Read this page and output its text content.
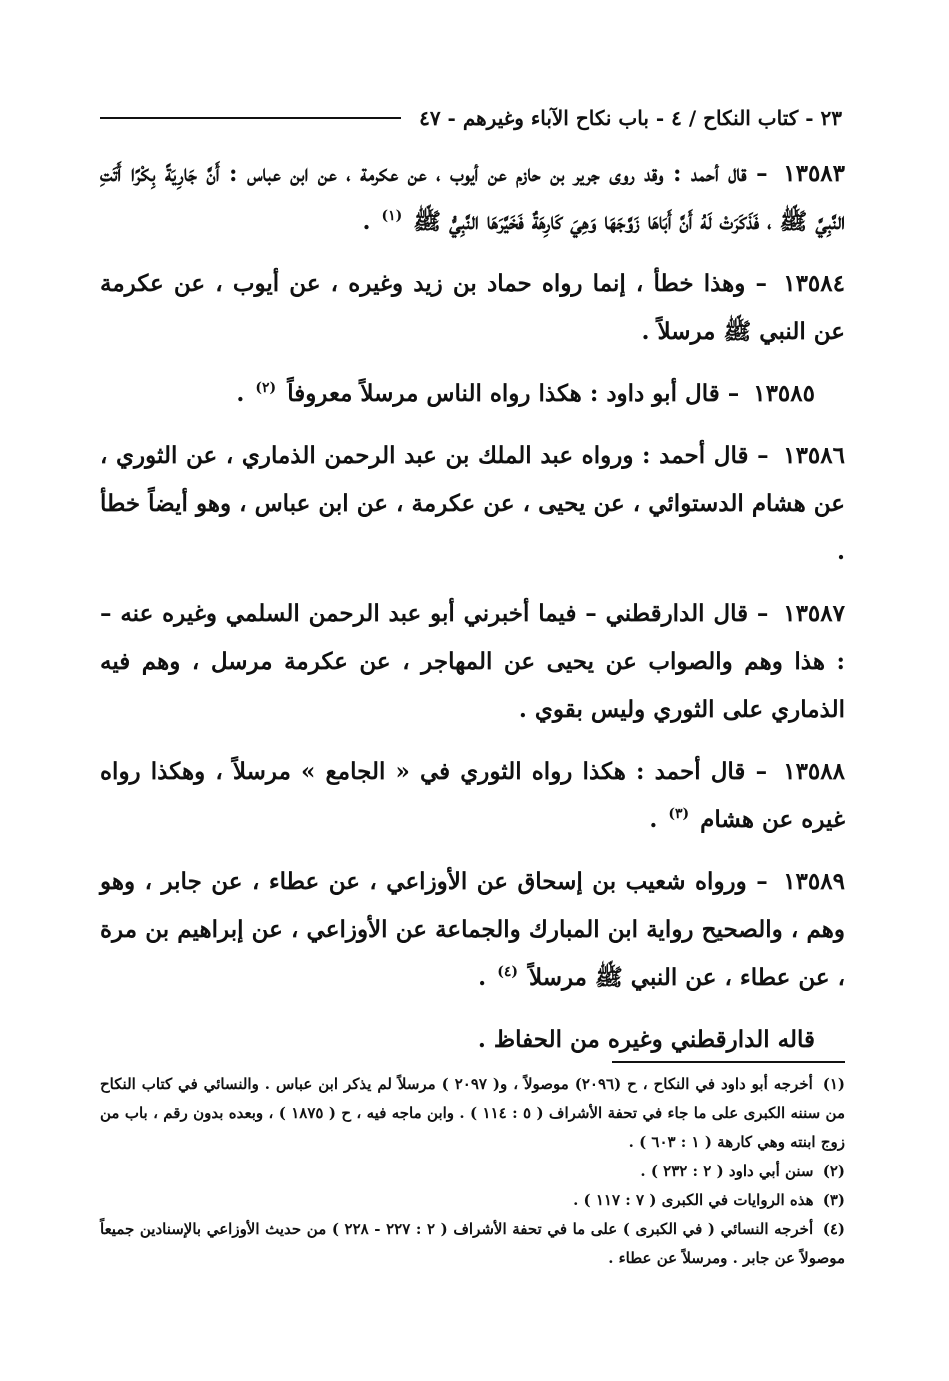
٢٣ - كتاب النكاح / ٤ - باب نكاح الآباء وغيرهم - ٤٧

١٣٥٨٣ – قال أحمد : وقد روى جرير بن حازم عن أيوب ، عن عكرمة ، عن ابن عباس : أَنَّ جَارِيَةً بِكْرًا أَتَتِ النَّبِيَّ ﷺ ، فَذَكَرَتْ لَهُ أَنَّ أَبَاهَا زَوَّجَهَا وَهِيَ كَارِهَةٌ فَخَيَّرَهَا النَّبِيُّ ﷺ $^{(١)}$ .

١٣٥٨٤ – وهذا خطأ ، إنما رواه حماد بن زيد وغيره ، عن أيوب ، عن عكرمة عن النبي ﷺ مرسلاً .

١٣٥٨٥ – قال أبو داود : هكذا رواه الناس مرسلاً معروفاً $^{(٢)}$ .

١٣٥٨٦ – قال أحمد : ورواه عبد الملك بن عبد الرحمن الذماري ، عن الثوري ، عن هشام الدستوائي ، عن يحيى ، عن عكرمة ، عن ابن عباس ، وهو أيضاً خطأ .

١٣٥٨٧ – قال الدارقطني – فيما أخبرني أبو عبد الرحمن السلمي وغيره عنه – : هذا وهم والصواب عن يحيى عن المهاجر ، عن عكرمة مرسل ، وهم فيه الذماري على الثوري وليس بقوي .

١٣٥٨٨ – قال أحمد : هكذا رواه الثوري في « الجامع » مرسلاً ، وهكذا رواه غيره عن هشام $^{(٣)}$ .

١٣٥٨٩ – ورواه شعيب بن إسحاق عن الأوزاعي ، عن عطاء ، عن جابر ، وهو وهم ، والصحيح رواية ابن المبارك والجماعة عن الأوزاعي ، عن إبراهيم بن مرة ، عن عطاء ، عن النبي ﷺ مرسلاً $^{(٤)}$ .

قاله الدارقطني وغيره من الحفاظ .

(١) أخرجه أبو داود في النكاح ، ح (٢٠٩٦) موصولاً ، و( ٢٠٩٧ ) مرسلاً لم يذكر ابن عباس . والنسائي في كتاب النكاح من سننه الكبرى على ما جاء في تحفة الأشراف ( ٥ : ١١٤ ) . وابن ماجه فيه ، ح ( ١٨٧٥ ) ، وبعده بدون رقم ، باب من زوج ابنته وهي كارهة ( ١ : ٦٠٣ ) .

(٢) سنن أبي داود ( ٢ : ٢٣٢ ) .

(٣) هذه الروايات في الكبرى ( ٧ : ١١٧ ) .

(٤) أخرجه النسائي ( في الكبرى ) على ما في تحفة الأشراف ( ٢ : ٢٢٧ - ٢٢٨ ) من حديث الأوزاعي بالإسنادين جميعاً موصولاً عن جابر . ومرسلاً عن عطاء .
